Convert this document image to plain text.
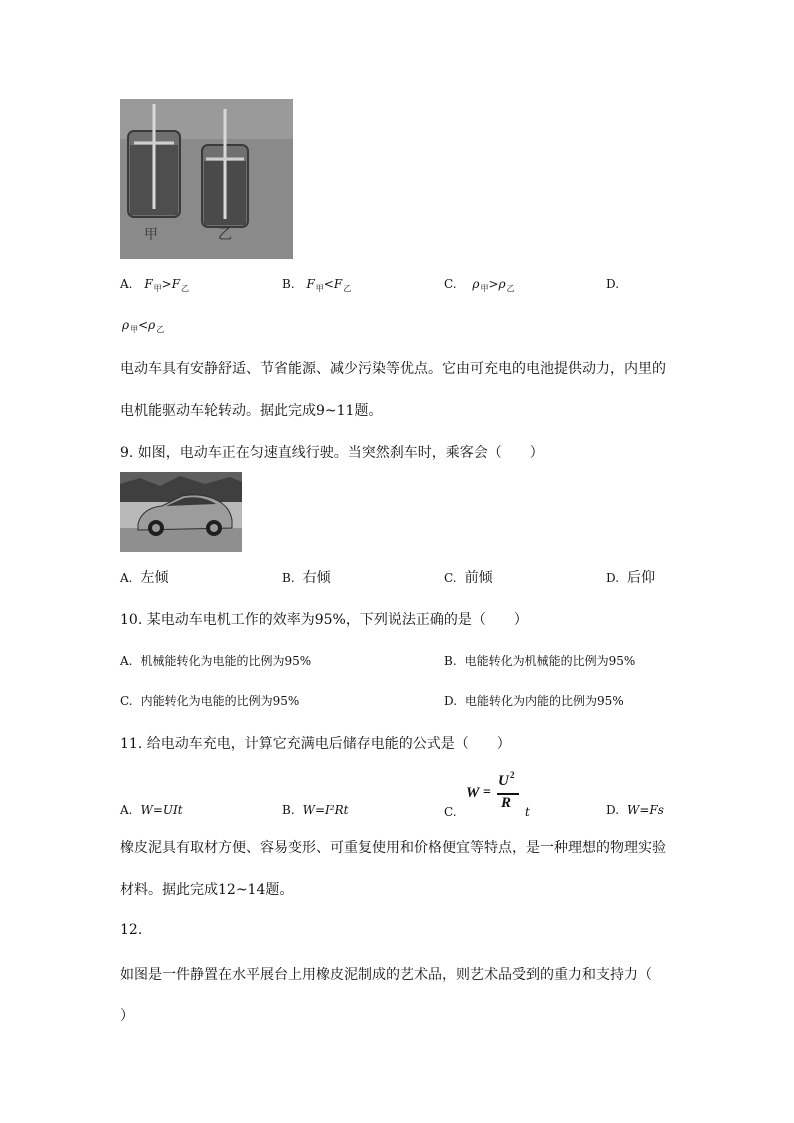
甲	乙
A. $F_甲>F_乙$	B. $F_甲<F_乙$	C. $\rho_甲>\rho_乙$	D.
$\rho_甲<\rho_乙$
电动车具有安静舒适、节省能源、减少污染等优点。它由可充电的电池提供动力，内里的
电机能驱动车轮转动。据此完成9~11题。
9. 如图，电动车正在匀速直线行驶。当突然刹车时，乘客会（　　）
A. 左倾	B. 右倾	C. 前倾	D. 后仰
10. 某电动车电机工作的效率为95%，下列说法正确的是（　　）
A. 机械能转化为电能的比例为95%	B. 电能转化为机械能的比例为95%
C. 内能转化为电能的比例为95%	D. 电能转化为内能的比例为95%
11. 给电动车充电，计算它充满电后储存电能的公式是（　　）
A. W=UIt	B. W=I²Rt	C.
W =
U 2
R
t	D. W=Fs
橡皮泥具有取材方便、容易变形、可重复使用和价格便宜等特点，是一种理想的物理实验
材料。据此完成12~14题。
12.
如图是一件静置在水平展台上用橡皮泥制成的艺术品，则艺术品受到的重力和支持力（
）
